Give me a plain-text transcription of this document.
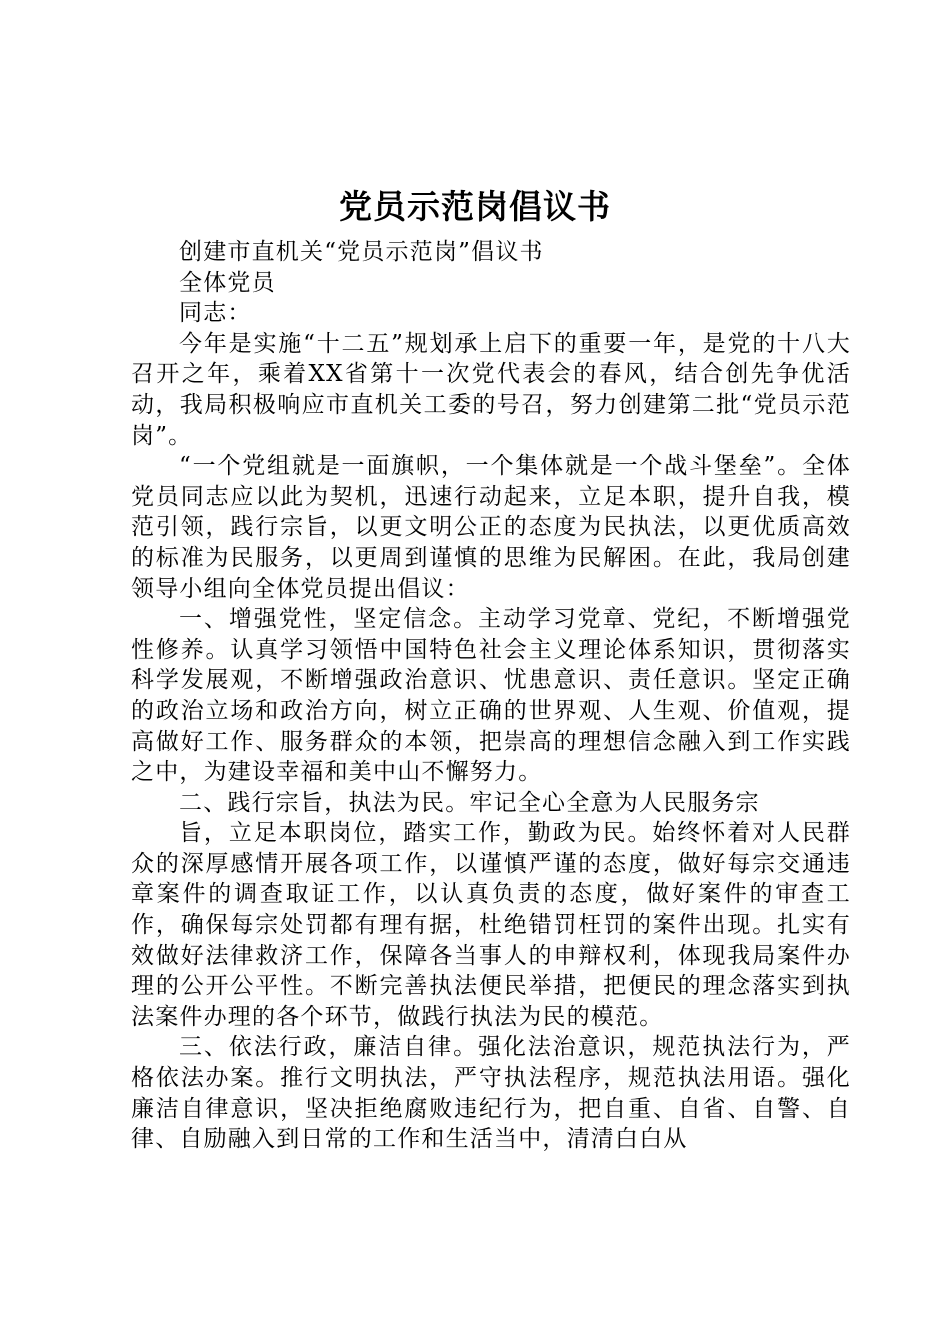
党员示范岗倡议书

创建市直机关“党员示范岗”倡议书

全体党员

同志：

今年是实施“十二五”规划承上启下的重要一年，是党的十八大召开之年，乘着XX省第十一次党代表会的春风，结合创先争优活动，我局积极响应市直机关工委的号召，努力创建第二批“党员示范岗”。

“一个党组就是一面旗帜，一个集体就是一个战斗堡垒”。全体党员同志应以此为契机，迅速行动起来，立足本职，提升自我，模范引领，践行宗旨，以更文明公正的态度为民执法，以更优质高效的标准为民服务，以更周到谨慎的思维为民解困。在此，我局创建领导小组向全体党员提出倡议：

一、增强党性，坚定信念。主动学习党章、党纪，不断增强党性修养。认真学习领悟中国特色社会主义理论体系知识，贯彻落实科学发展观，不断增强政治意识、忧患意识、责任意识。坚定正确的政治立场和政治方向，树立正确的世界观、人生观、价值观，提高做好工作、服务群众的本领，把崇高的理想信念融入到工作实践之中，为建设幸福和美中山不懈努力。

二、践行宗旨，执法为民。牢记全心全意为人民服务宗

旨，立足本职岗位，踏实工作，勤政为民。始终怀着对人民群众的深厚感情开展各项工作，以谨慎严谨的态度，做好每宗交通违章案件的调查取证工作，以认真负责的态度，做好案件的审查工作，确保每宗处罚都有理有据，杜绝错罚枉罚的案件出现。扎实有效做好法律救济工作，保障各当事人的申辩权利，体现我局案件办理的公开公平性。不断完善执法便民举措，把便民的理念落实到执法案件办理的各个环节，做践行执法为民的模范。

三、依法行政，廉洁自律。强化法治意识，规范执法行为，严格依法办案。推行文明执法，严守执法程序，规范执法用语。强化廉洁自律意识，坚决拒绝腐败违纪行为，把自重、自省、自警、自律、自励融入到日常的工作和生活当中，清清白白从
